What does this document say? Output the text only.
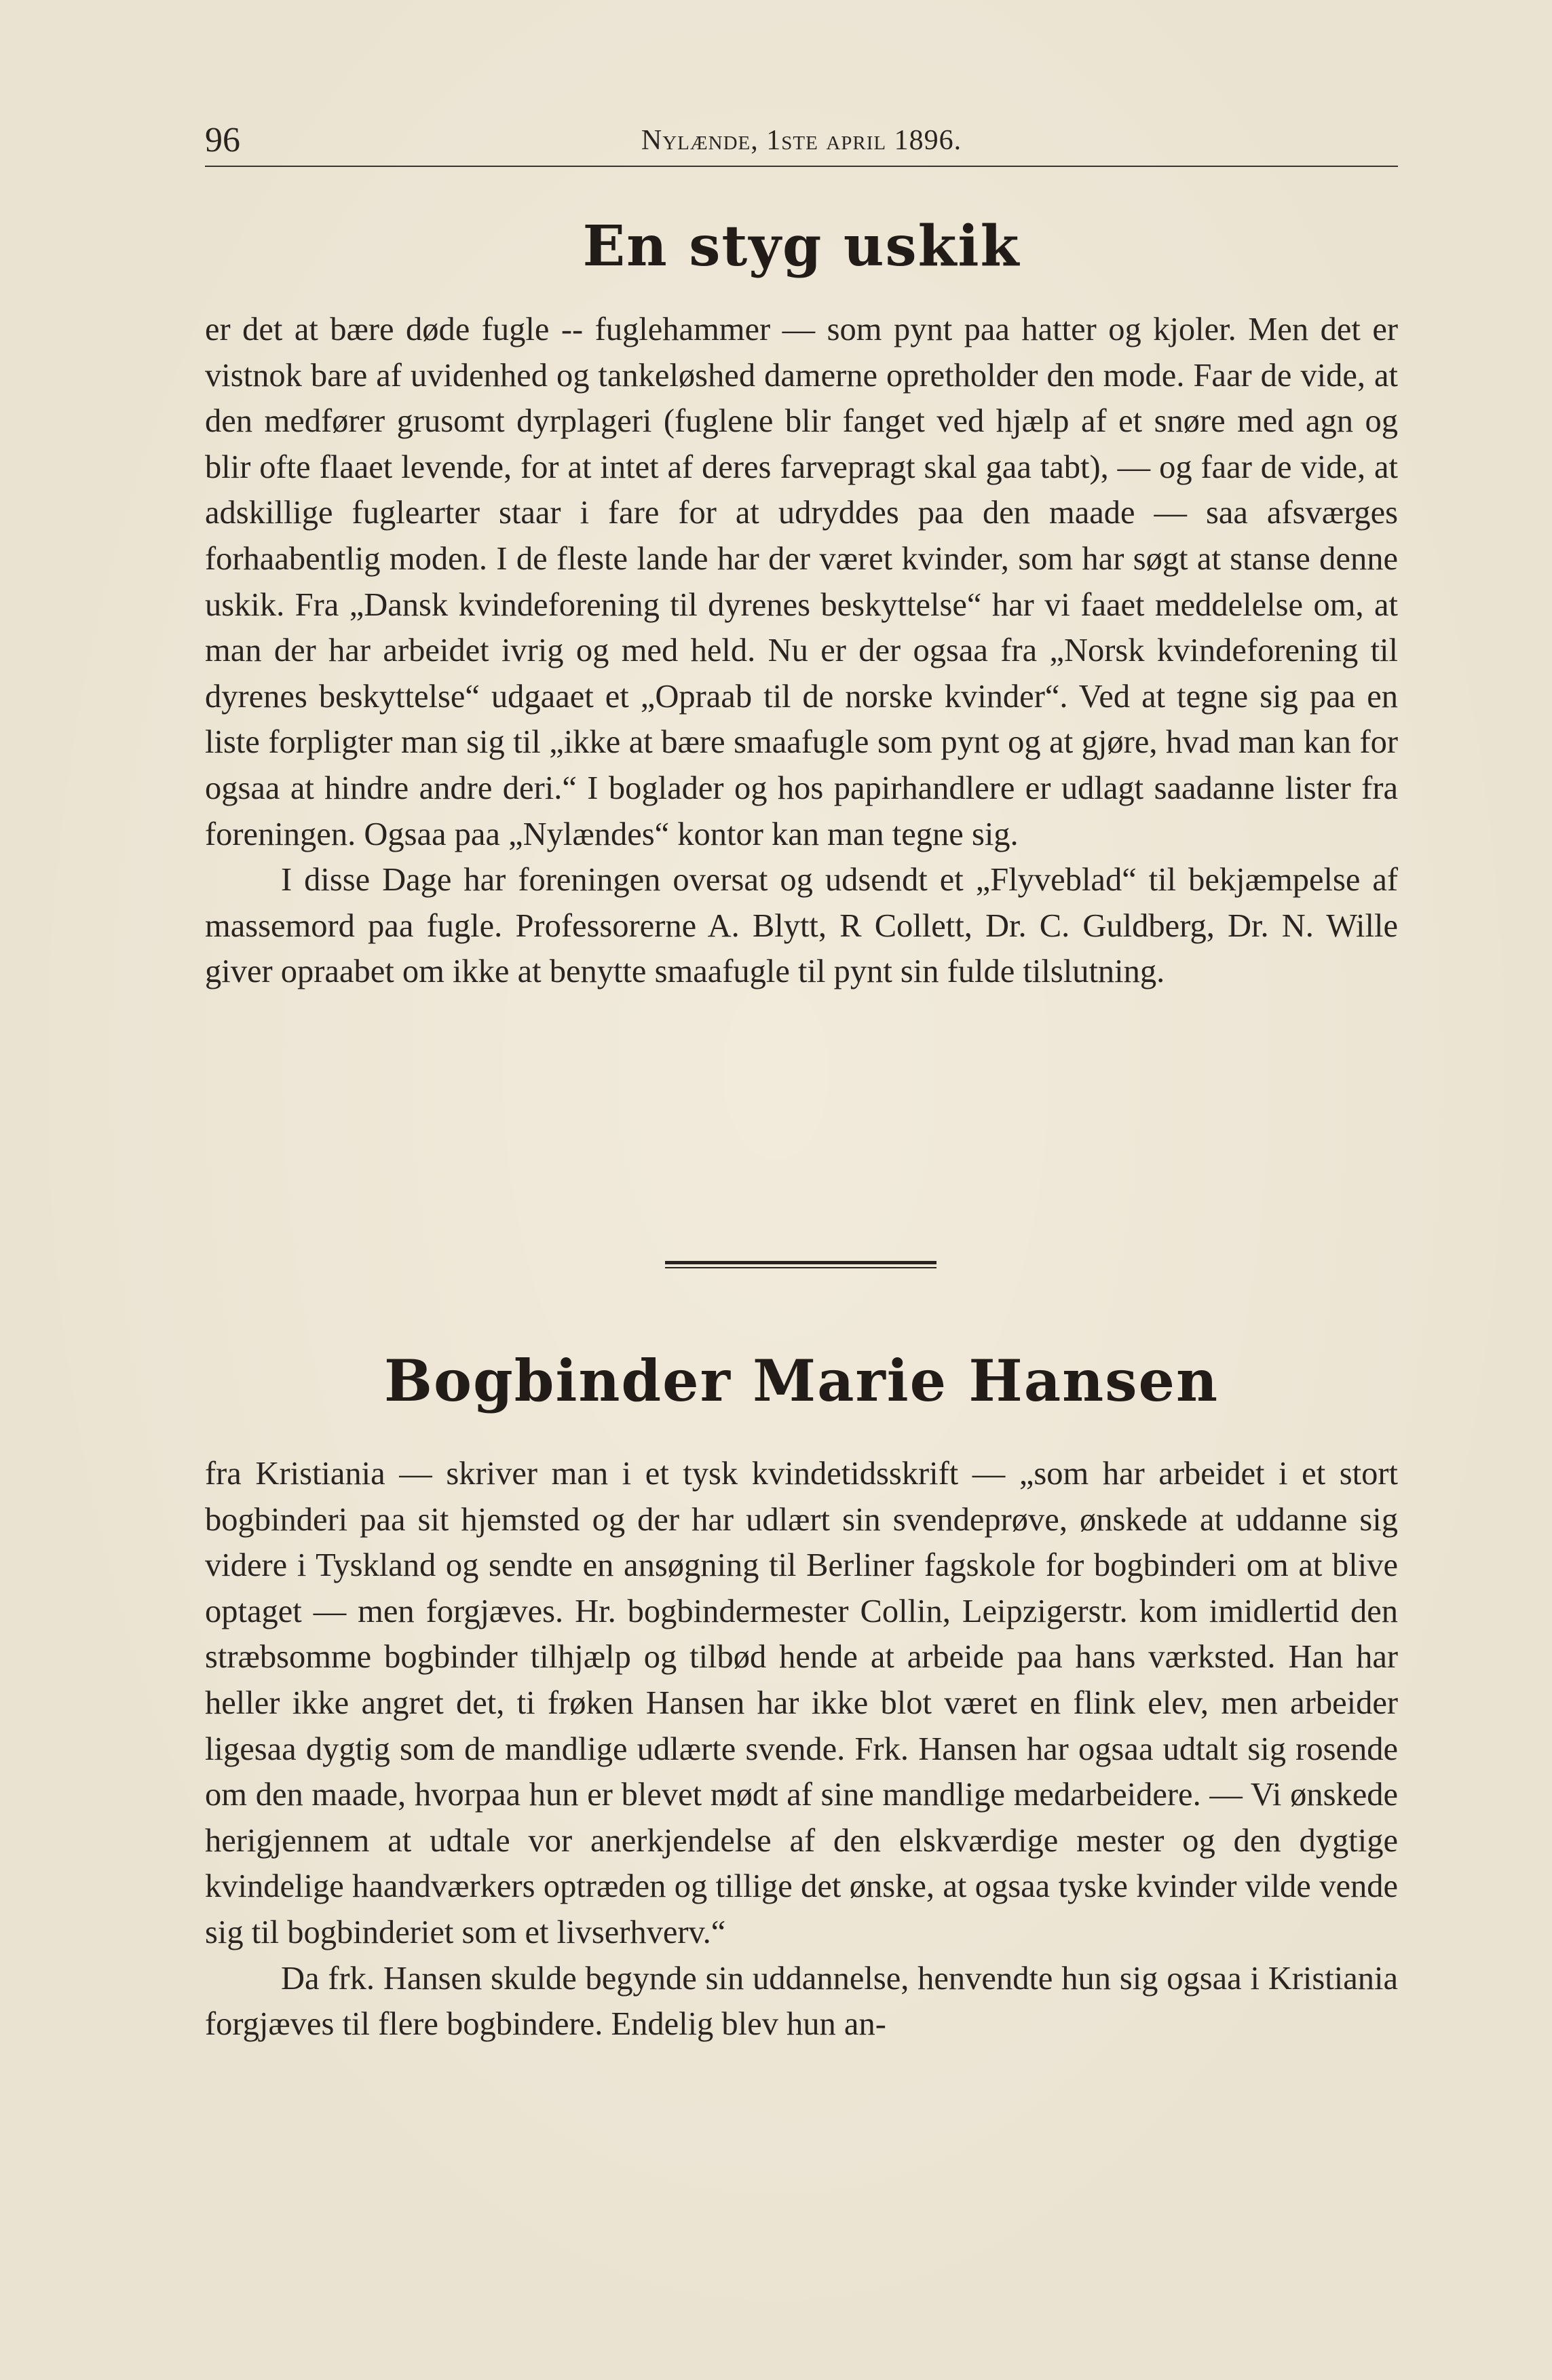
96	Nylænde, 1ste april 1896.
En styg uskik

er det at bære døde fugle -- fuglehammer — som pynt paa hatter og kjoler. Men det er vistnok bare af uvidenhed og tankeløshed damerne opretholder den mode. Faar de vide, at den medfører grusomt dyrplageri (fuglene blir fanget ved hjælp af et snøre med agn og blir ofte flaaet levende, for at intet af deres farvepragt skal gaa tabt), — og faar de vide, at adskillige fuglearter staar i fare for at udryddes paa den maade — saa afsværges forhaabentlig moden. I de fleste lande har der været kvinder, som har søgt at stanse denne uskik. Fra „Dansk kvindeforening til dyrenes beskyttelse“ har vi faaet meddelelse om, at man der har arbeidet ivrig og med held. Nu er der ogsaa fra „Norsk kvindeforening til dyrenes beskyttelse“ udgaaet et „Opraab til de norske kvinder“. Ved at tegne sig paa en liste forpligter man sig til „ikke at bære smaafugle som pynt og at gjøre, hvad man kan for ogsaa at hindre andre deri.“ I boglader og hos papirhandlere er udlagt saadanne lister fra foreningen. Ogsaa paa „Nylændes“ kontor kan man tegne sig.

I disse Dage har foreningen oversat og udsendt et „Flyveblad“ til bekjæmpelse af massemord paa fugle. Professorerne A. Blytt, R Collett, Dr. C. Guldberg, Dr. N. Wille giver opraabet om ikke at benytte smaafugle til pynt sin fulde tilslutning.

Bogbinder Marie Hansen

fra Kristiania — skriver man i et tysk kvindetidsskrift — „som har arbeidet i et stort bogbinderi paa sit hjemsted og der har udlært sin svendeprøve, ønskede at uddanne sig videre i Tyskland og sendte en ansøgning til Berliner fagskole for bogbinderi om at blive optaget — men forgjæves. Hr. bogbindermester Collin, Leipzigerstr. kom imidlertid den stræbsomme bogbinder tilhjælp og tilbød hende at arbeide paa hans værksted. Han har heller ikke angret det, ti frøken Hansen har ikke blot været en flink elev, men arbeider ligesaa dygtig som de mandlige udlærte svende. Frk. Hansen har ogsaa udtalt sig rosende om den maade, hvorpaa hun er blevet mødt af sine mandlige medarbeidere. — Vi ønskede herigjennem at udtale vor anerkjendelse af den elskværdige mester og den dygtige kvindelige haandværkers optræden og tillige det ønske, at ogsaa tyske kvinder vilde vende sig til bogbinderiet som et livserhverv.“

Da frk. Hansen skulde begynde sin uddannelse, henvendte hun sig ogsaa i Kristiania forgjæves til flere bogbindere. Endelig blev hun an-
